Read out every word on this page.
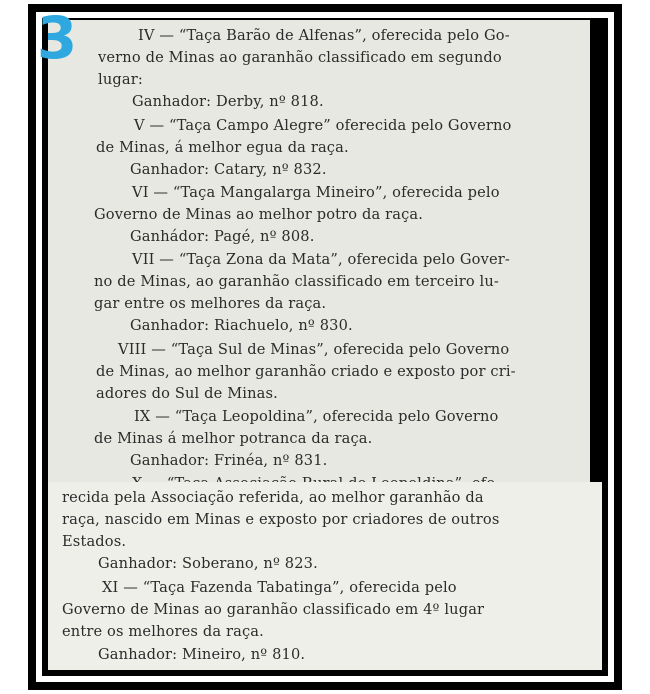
IV — “Taça Barão de Alfenas”, oferecida pelo Go-
verno de Minas ao garanhão classificado em segundo
lugar:
Ganhador: Derby, nº 818.
V — “Taça Campo Alegre” oferecida pelo Governo
de Minas, á melhor egua da raça.
Ganhador: Catary, nº 832.
VI — “Taça Mangalarga Mineiro”, oferecida pelo
Governo de Minas ao melhor potro da raça.
Ganhádor: Pagé, nº 808.
VII — “Taça Zona da Mata”, oferecida pelo Gover-
no de Minas, ao garanhão classificado em terceiro lu-
gar entre os melhores da raça.
Ganhador: Riachuelo, nº 830.
VIII — “Taça Sul de Minas”, oferecida pelo Governo
de Minas, ao melhor garanhão criado e exposto por cri-
adores do Sul de Minas.
IX — “Taça Leopoldina”, oferecida pelo Governo
de Minas á melhor potranca da raça.
Ganhador: Frinéa, nº 831.
recida pela Associação referida, ao melhor garanhão da
raça, nascido em Minas e exposto por criadores de outros
Estados.
Ganhador: Soberano, nº 823.
XI — “Taça Fazenda Tabatinga”, oferecida pelo
Governo de Minas ao garanhão classificado em 4º lugar
entre os melhores da raça.
Ganhador: Mineiro, nº 810.
3
